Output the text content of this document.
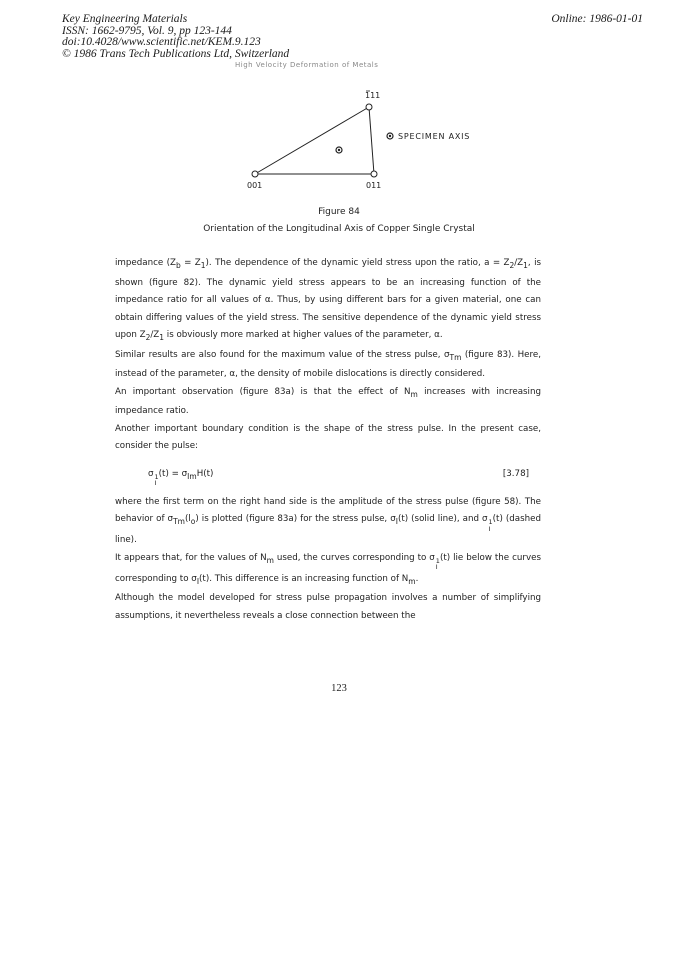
Key Engineering Materials
ISSN: 1662-9795, Vol. 9, pp 123-144
doi:10.4028/www.scientific.net/KEM.9.123
© 1986 Trans Tech Publications Ltd, Switzerland
Online: 1986-01-01
High Velocity Deformation of Metals
111
001	011
SPECIMEN AXIS
Figure 84
Orientation of the Longitudinal Axis of Copper Single Crystal

impedance (Zb = Z1). The dependence of the dynamic yield stress upon the ratio, a = Z2/Z1, is shown (figure 82). The dynamic yield stress appears to be an increasing function of the impedance ratio for all values of α. Thus, by using different bars for a given material, one can obtain differing values of the yield stress. The sensitive dependence of the dynamic yield stress upon Z2/Z1 is obviously more marked at higher values of the parameter, α.

Similar results are also found for the maximum value of the stress pulse, σTm (figure 83). Here, instead of the parameter, α, the density of mobile dislocations is directly considered.

An important observation (figure 83a) is that the effect of Nm increases with increasing impedance ratio.

Another important boundary condition is the shape of the stress pulse. In the present case, consider the pulse:

σ 1
I
(t) = σImH(t)	[3.78]

where the first term on the right hand side is the amplitude of the stress pulse (figure 58). The behavior of σTm(lo) is plotted (figure 83a) for the stress pulse, σI(t) (solid line), and σ 1
I
(t) (dashed line).

It appears that, for the values of Nm used, the curves corresponding to σ 1
I
(t) lie below the curves corresponding to σI(t). This difference is an increasing function of Nm.

Although the model developed for stress pulse propagation involves a number of simplifying assumptions, it nevertheless reveals a close connection between the

123
